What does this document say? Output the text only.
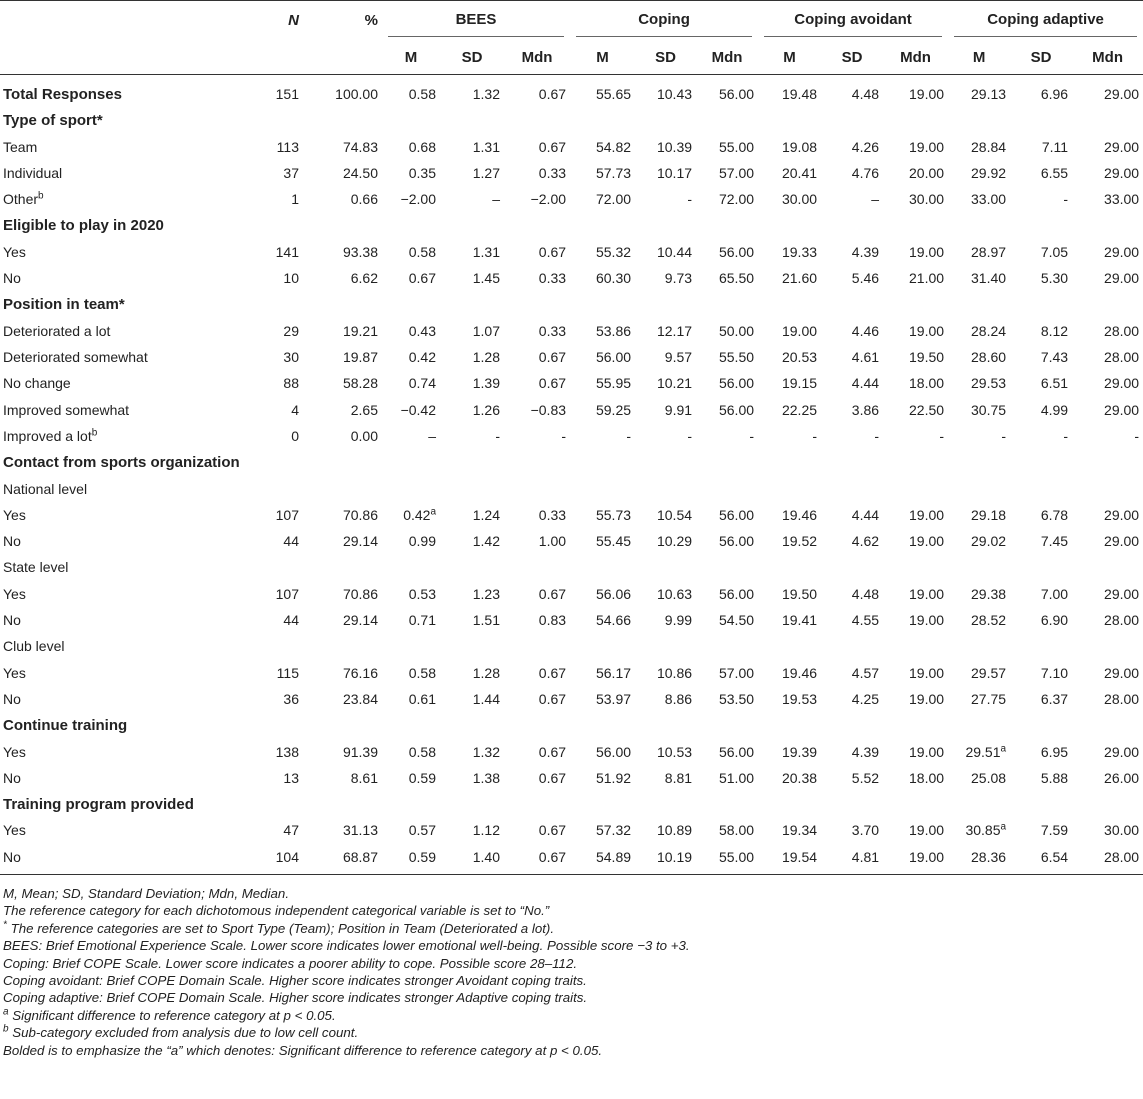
	N	%	BEES			Coping			Coping avoidant			Coping adaptive		

			M	SD	Mdn	M	SD	Mdn	M	SD	Mdn	M	SD	Mdn
Total Responses	151	100.00	0.58	1.32	0.67	55.65	10.43	56.00	19.48	4.48	19.00	29.13	6.96	29.00
Type of sport*														
Team	113	74.83	0.68	1.31	0.67	54.82	10.39	55.00	19.08	4.26	19.00	28.84	7.11	29.00
Individual	37	24.50	0.35	1.27	0.33	57.73	10.17	57.00	20.41	4.76	20.00	29.92	6.55	29.00
Other$^b$	1	0.66	−2.00	–	−2.00	72.00	-	72.00	30.00	–	30.00	33.00	-	33.00
Eligible to play in 2020														
Yes	141	93.38	0.58	1.31	0.67	55.32	10.44	56.00	19.33	4.39	19.00	28.97	7.05	29.00
No	10	6.62	0.67	1.45	0.33	60.30	9.73	65.50	21.60	5.46	21.00	31.40	5.30	29.00
Position in team*														
Deteriorated a lot	29	19.21	0.43	1.07	0.33	53.86	12.17	50.00	19.00	4.46	19.00	28.24	8.12	28.00
Deteriorated somewhat	30	19.87	0.42	1.28	0.67	56.00	9.57	55.50	20.53	4.61	19.50	28.60	7.43	28.00
No change	88	58.28	0.74	1.39	0.67	55.95	10.21	56.00	19.15	4.44	18.00	29.53	6.51	29.00
Improved somewhat	4	2.65	−0.42	1.26	−0.83	59.25	9.91	56.00	22.25	3.86	22.50	30.75	4.99	29.00
Improved a lot$^b$	0	0.00	–	-	-	-	-	-	-	-	-	-	-	-
Contact from sports organization														
National level														
Yes	107	70.86	0.42$^a$	1.24	0.33	55.73	10.54	56.00	19.46	4.44	19.00	29.18	6.78	29.00
No	44	29.14	0.99	1.42	1.00	55.45	10.29	56.00	19.52	4.62	19.00	29.02	7.45	29.00
State level														
Yes	107	70.86	0.53	1.23	0.67	56.06	10.63	56.00	19.50	4.48	19.00	29.38	7.00	29.00
No	44	29.14	0.71	1.51	0.83	54.66	9.99	54.50	19.41	4.55	19.00	28.52	6.90	28.00
Club level														
Yes	115	76.16	0.58	1.28	0.67	56.17	10.86	57.00	19.46	4.57	19.00	29.57	7.10	29.00
No	36	23.84	0.61	1.44	0.67	53.97	8.86	53.50	19.53	4.25	19.00	27.75	6.37	28.00
Continue training														
Yes	138	91.39	0.58	1.32	0.67	56.00	10.53	56.00	19.39	4.39	19.00	29.51$^a$	6.95	29.00
No	13	8.61	0.59	1.38	0.67	51.92	8.81	51.00	20.38	5.52	18.00	25.08	5.88	26.00
Training program provided														
Yes	47	31.13	0.57	1.12	0.67	57.32	10.89	58.00	19.34	3.70	19.00	30.85$^a$	7.59	30.00
No	104	68.87	0.59	1.40	0.67	54.89	10.19	55.00	19.54	4.81	19.00	28.36	6.54	28.00
M, Mean; SD, Standard Deviation; Mdn, Median.
The reference category for each dichotomous independent categorical variable is set to “No.”
* The reference categories are set to Sport Type (Team); Position in Team (Deteriorated a lot).
BEES: Brief Emotional Experience Scale. Lower score indicates lower emotional well-being. Possible score −3 to +3.
Coping: Brief COPE Scale. Lower score indicates a poorer ability to cope. Possible score 28–112.
Coping avoidant: Brief COPE Domain Scale. Higher score indicates stronger Avoidant coping traits.
Coping adaptive: Brief COPE Domain Scale. Higher score indicates stronger Adaptive coping traits.
$^a$ Significant difference to reference category at p < 0.05.
$^b$ Sub-category excluded from analysis due to low cell count.
Bolded is to emphasize the “a” which denotes: Significant difference to reference category at p < 0.05.
